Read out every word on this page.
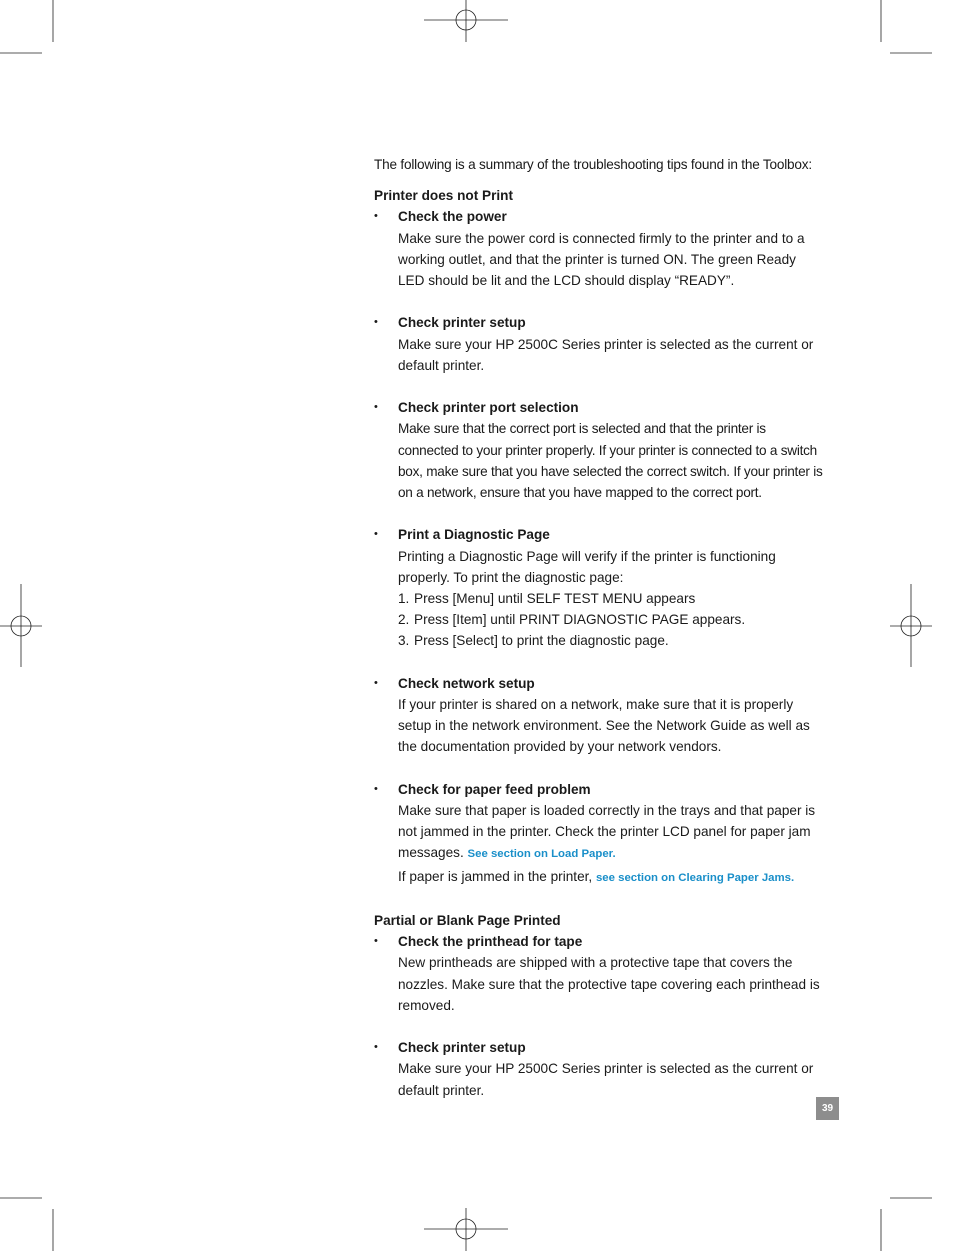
The following is a summary of the troubleshooting tips found in the Toolbox:

Printer does not Print

•	Check the power
Make sure the power cord is connected firmly to the printer and to a working outlet, and that the printer is turned ON. The green Ready LED should be lit and the LCD should display “READY”.
•	Check printer setup
Make sure your HP 2500C Series printer is selected as the current or default printer.
•	Check printer port selection
Make sure that the correct port is selected and that the printer is connected to your printer properly. If your printer is connected to a switch box, make sure that you have selected the correct switch. If your printer is on a network, ensure that you have mapped to the correct port.
•	Print a Diagnostic Page
Printing a Diagnostic Page will verify if the printer is functioning properly. To print the diagnostic page:
1. Press [Menu] until SELF TEST MENU appears
2. Press [Item] until PRINT DIAGNOSTIC PAGE appears.
3. Press [Select] to print the diagnostic page.
•	Check network setup
If your printer is shared on a network, make sure that it is properly setup in the network environment. See the Network Guide as well as the documentation provided by your network vendors.
•	Check for paper feed problem
Make sure that paper is loaded correctly in the trays and that paper is not jammed in the printer. Check the printer LCD panel for paper jam messages. See section on Load Paper.
If paper is jammed in the printer, see section on Clearing Paper Jams.

Partial or Blank Page Printed

•	Check the printhead for tape
New printheads are shipped with a protective tape that covers the nozzles. Make sure that the protective tape covering each printhead is removed.
•	Check printer setup
Make sure your HP 2500C Series printer is selected as the current or default printer.
39
